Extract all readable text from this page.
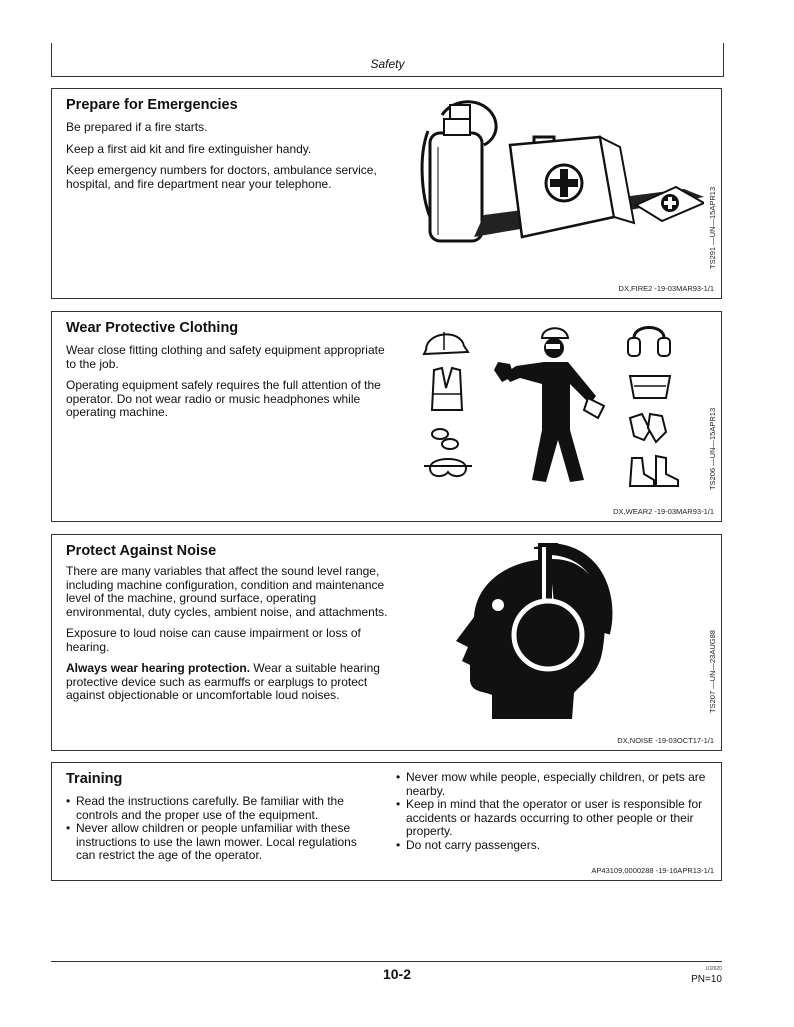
Safety
Prepare for Emergencies

Be prepared if a fire starts.

Keep a first aid kit and fire extinguisher handy.

Keep emergency numbers for doctors, ambulance service, hospital, and fire department near your telephone.

TS291 —UN—15APR13
DX,FIRE2 -19-03MAR93-1/1
Wear Protective Clothing

Wear close fitting clothing and safety equipment appropriate to the job.

Operating equipment safely requires the full attention of the operator. Do not wear radio or music headphones while operating machine.	TS206 —UN—15APR13
DX,WEAR2 -19-03MAR93-1/1
Protect Against Noise

There are many variables that affect the sound level range, including machine configuration, condition and maintenance level of the machine, ground surface, operating environmental, duty cycles, ambient noise, and attachments.

Exposure to loud noise can cause impairment or loss of hearing.

Always wear hearing protection. Wear a suitable hearing protective device such as earmuffs or earplugs to protect against objectionable or uncomfortable loud noises.	TS207 —UN—23AUG88
DX,NOISE -19-03OCT17-1/1
Training
• Read the instructions carefully. Be familiar with the controls and the proper use of the equipment.
• Never allow children or people unfamiliar with these instructions to use the lawn mower. Local regulations can restrict the age of the operator.
• Never mow while people, especially children, or pets are nearby.
• Keep in mind that the operator or user is responsible for accidents or hazards occurring to other people or their property.
• Do not carry passengers.
AP43109,0000288 -19-16APR13-1/1
10-2	102620
PN=10
